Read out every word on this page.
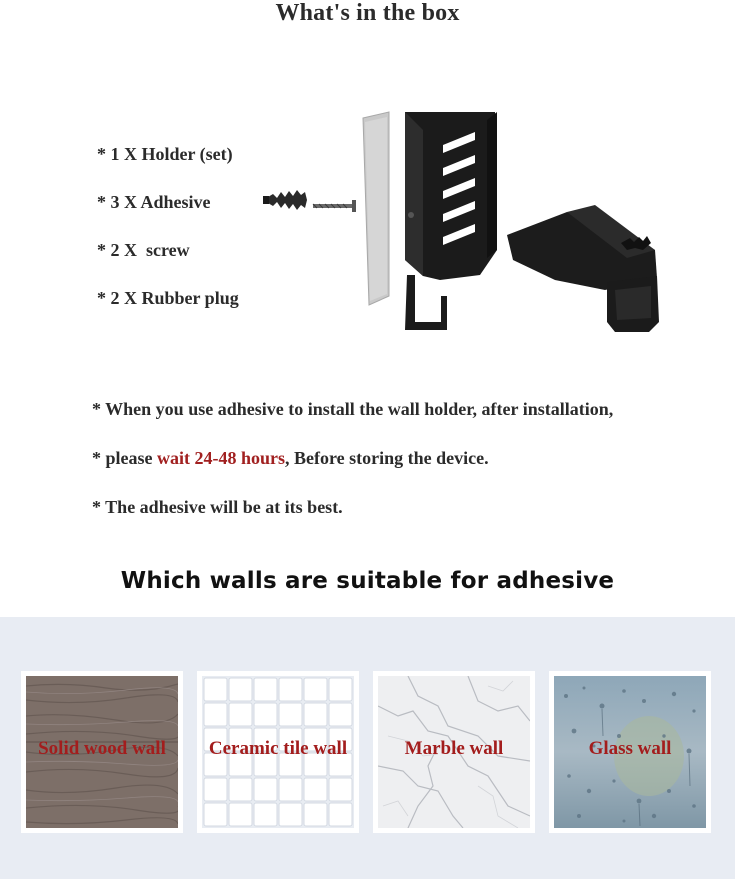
What's in the box
* 1 X Holder (set)
* 3 X Adhesive
* 2 X  screw
* 2 X Rubber plug
* When you use adhesive to install the wall holder, after installation,
* please wait 24-48 hours, Before storing the device.
* The adhesive will be at its best.
Which walls are suitable for adhesive
Solid wood wall	Ceramic tile wall	Marble wall	Glass wall
